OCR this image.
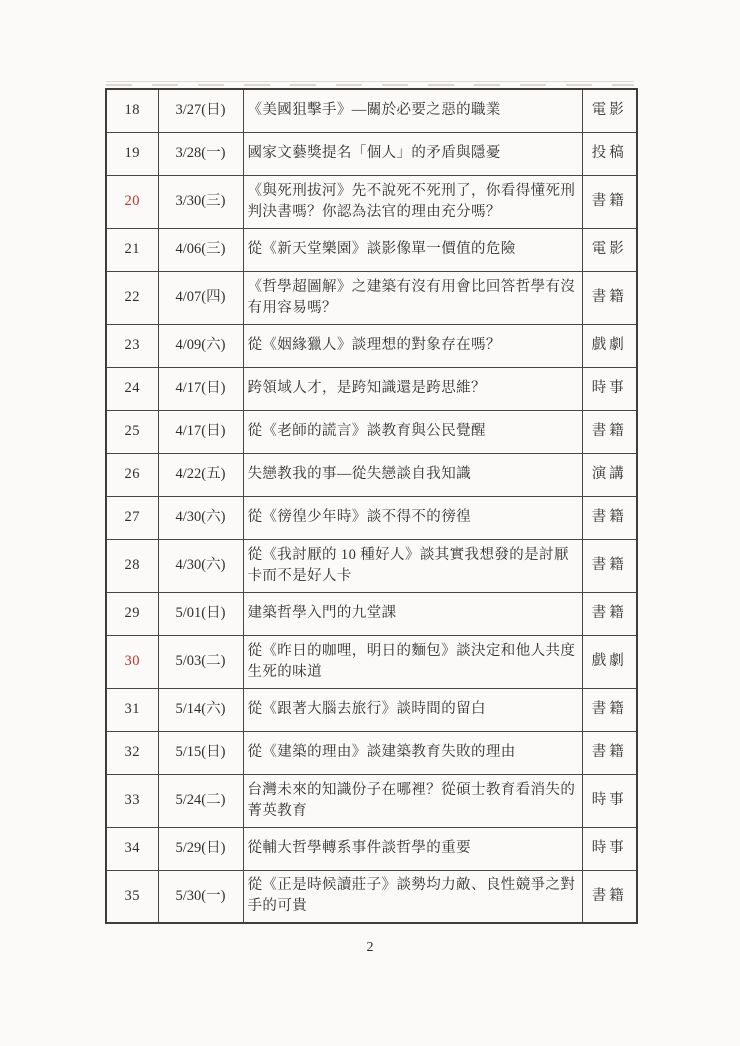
18	3/27(日)	《美國狙擊手》—關於必要之惡的職業	電影
19	3/28(一)	國家文藝獎提名「個人」的矛盾與隱憂	投稿
20	3/30(三)	《與死刑拔河》先不說死不死刑了，你看得懂死刑判決書嗎？你認為法官的理由充分嗎？	書籍
21	4/06(三)	從《新天堂樂園》談影像單一價值的危險	電影
22	4/07(四)	《哲學超圖解》之建築有沒有用會比回答哲學有沒有用容易嗎？	書籍
23	4/09(六)	從《姻緣獵人》談理想的對象存在嗎？	戲劇
24	4/17(日)	跨領域人才，是跨知識還是跨思維？	時事
25	4/17(日)	從《老師的謊言》談教育與公民覺醒	書籍
26	4/22(五)	失戀教我的事—從失戀談自我知識	演講
27	4/30(六)	從《徬徨少年時》談不得不的徬徨	書籍
28	4/30(六)	從《我討厭的 10 種好人》談其實我想發的是討厭卡而不是好人卡	書籍
29	5/01(日)	建築哲學入門的九堂課	書籍
30	5/03(二)	從《昨日的咖哩，明日的麵包》談決定和他人共度生死的味道	戲劇
31	5/14(六)	從《跟著大腦去旅行》談時間的留白	書籍
32	5/15(日)	從《建築的理由》談建築教育失敗的理由	書籍
33	5/24(二)	台灣未來的知識份子在哪裡？從碩士教育看消失的菁英教育	時事
34	5/29(日)	從輔大哲學轉系事件談哲學的重要	時事
35	5/30(一)	從《正是時候讀莊子》談勢均力敵、良性競爭之對手的可貴	書籍
2
